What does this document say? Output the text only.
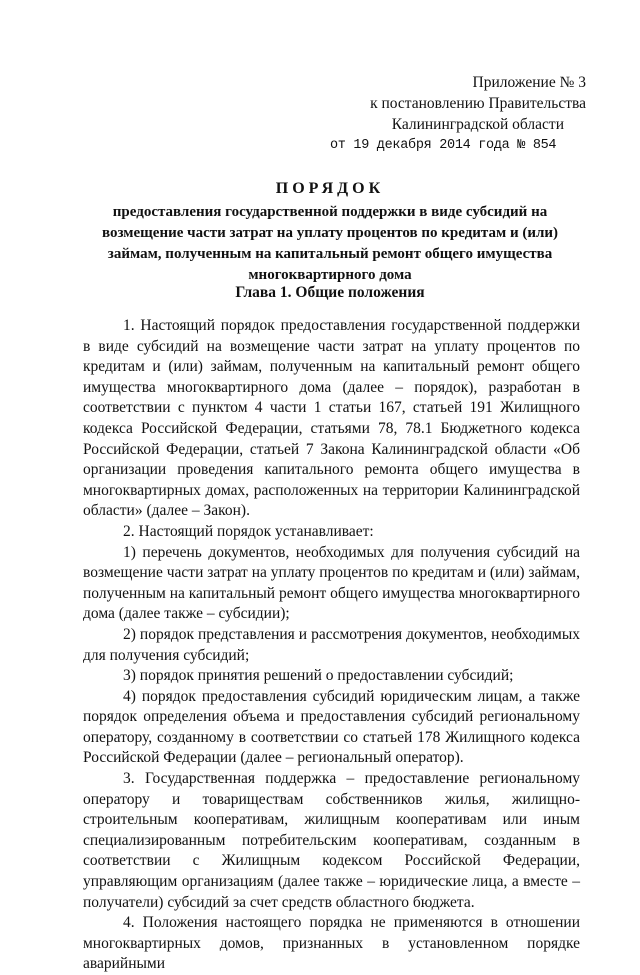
Приложение № 3
к постановлению Правительства
Калининградской области
от 19 декабря 2014 года № 854
ПОРЯДОК
предоставления государственной поддержки в виде субсидий на возмещение части затрат на уплату процентов по кредитам и (или) займам, полученным на капитальный ремонт общего имущества многоквартирного дома
Глава 1. Общие положения

1. Настоящий порядок предоставления государственной поддержки в виде субсидий на возмещение части затрат на уплату процентов по кредитам и (или) займам, полученным на капитальный ремонт общего имущества многоквартирного дома (далее – порядок), разработан в соответствии с пунктом 4 части 1 статьи 167, статьей 191 Жилищного кодекса Российской Федерации, статьями 78, 78.1 Бюджетного кодекса Российской Федерации, статьей 7 Закона Калининградской области «Об организации проведения капитального ремонта общего имущества в многоквартирных домах, расположенных на территории Калининградской области» (далее – Закон).

2. Настоящий порядок устанавливает:

1) перечень документов, необходимых для получения субсидий на возмещение части затрат на уплату процентов по кредитам и (или) займам, полученным на капитальный ремонт общего имущества многоквартирного дома (далее также – субсидии);

2) порядок представления и рассмотрения документов, необходимых для получения субсидий;

3) порядок принятия решений о предоставлении субсидий;

4) порядок предоставления субсидий юридическим лицам, а также порядок определения объема и предоставления субсидий региональному оператору, созданному в соответствии со статьей 178 Жилищного кодекса Российской Федерации (далее – региональный оператор).

3. Государственная поддержка – предоставление региональному оператору и товариществам собственников жилья, жилищно-строительным кооперативам, жилищным кооперативам или иным специализированным потребительским кооперативам, созданным в соответствии с Жилищным кодексом Российской Федерации, управляющим организациям (далее также – юридические лица, а вместе – получатели) субсидий за счет средств областного бюджета.

4. Положения настоящего порядка не применяются в отношении многоквартирных домов, признанных в установленном порядке аварийными
